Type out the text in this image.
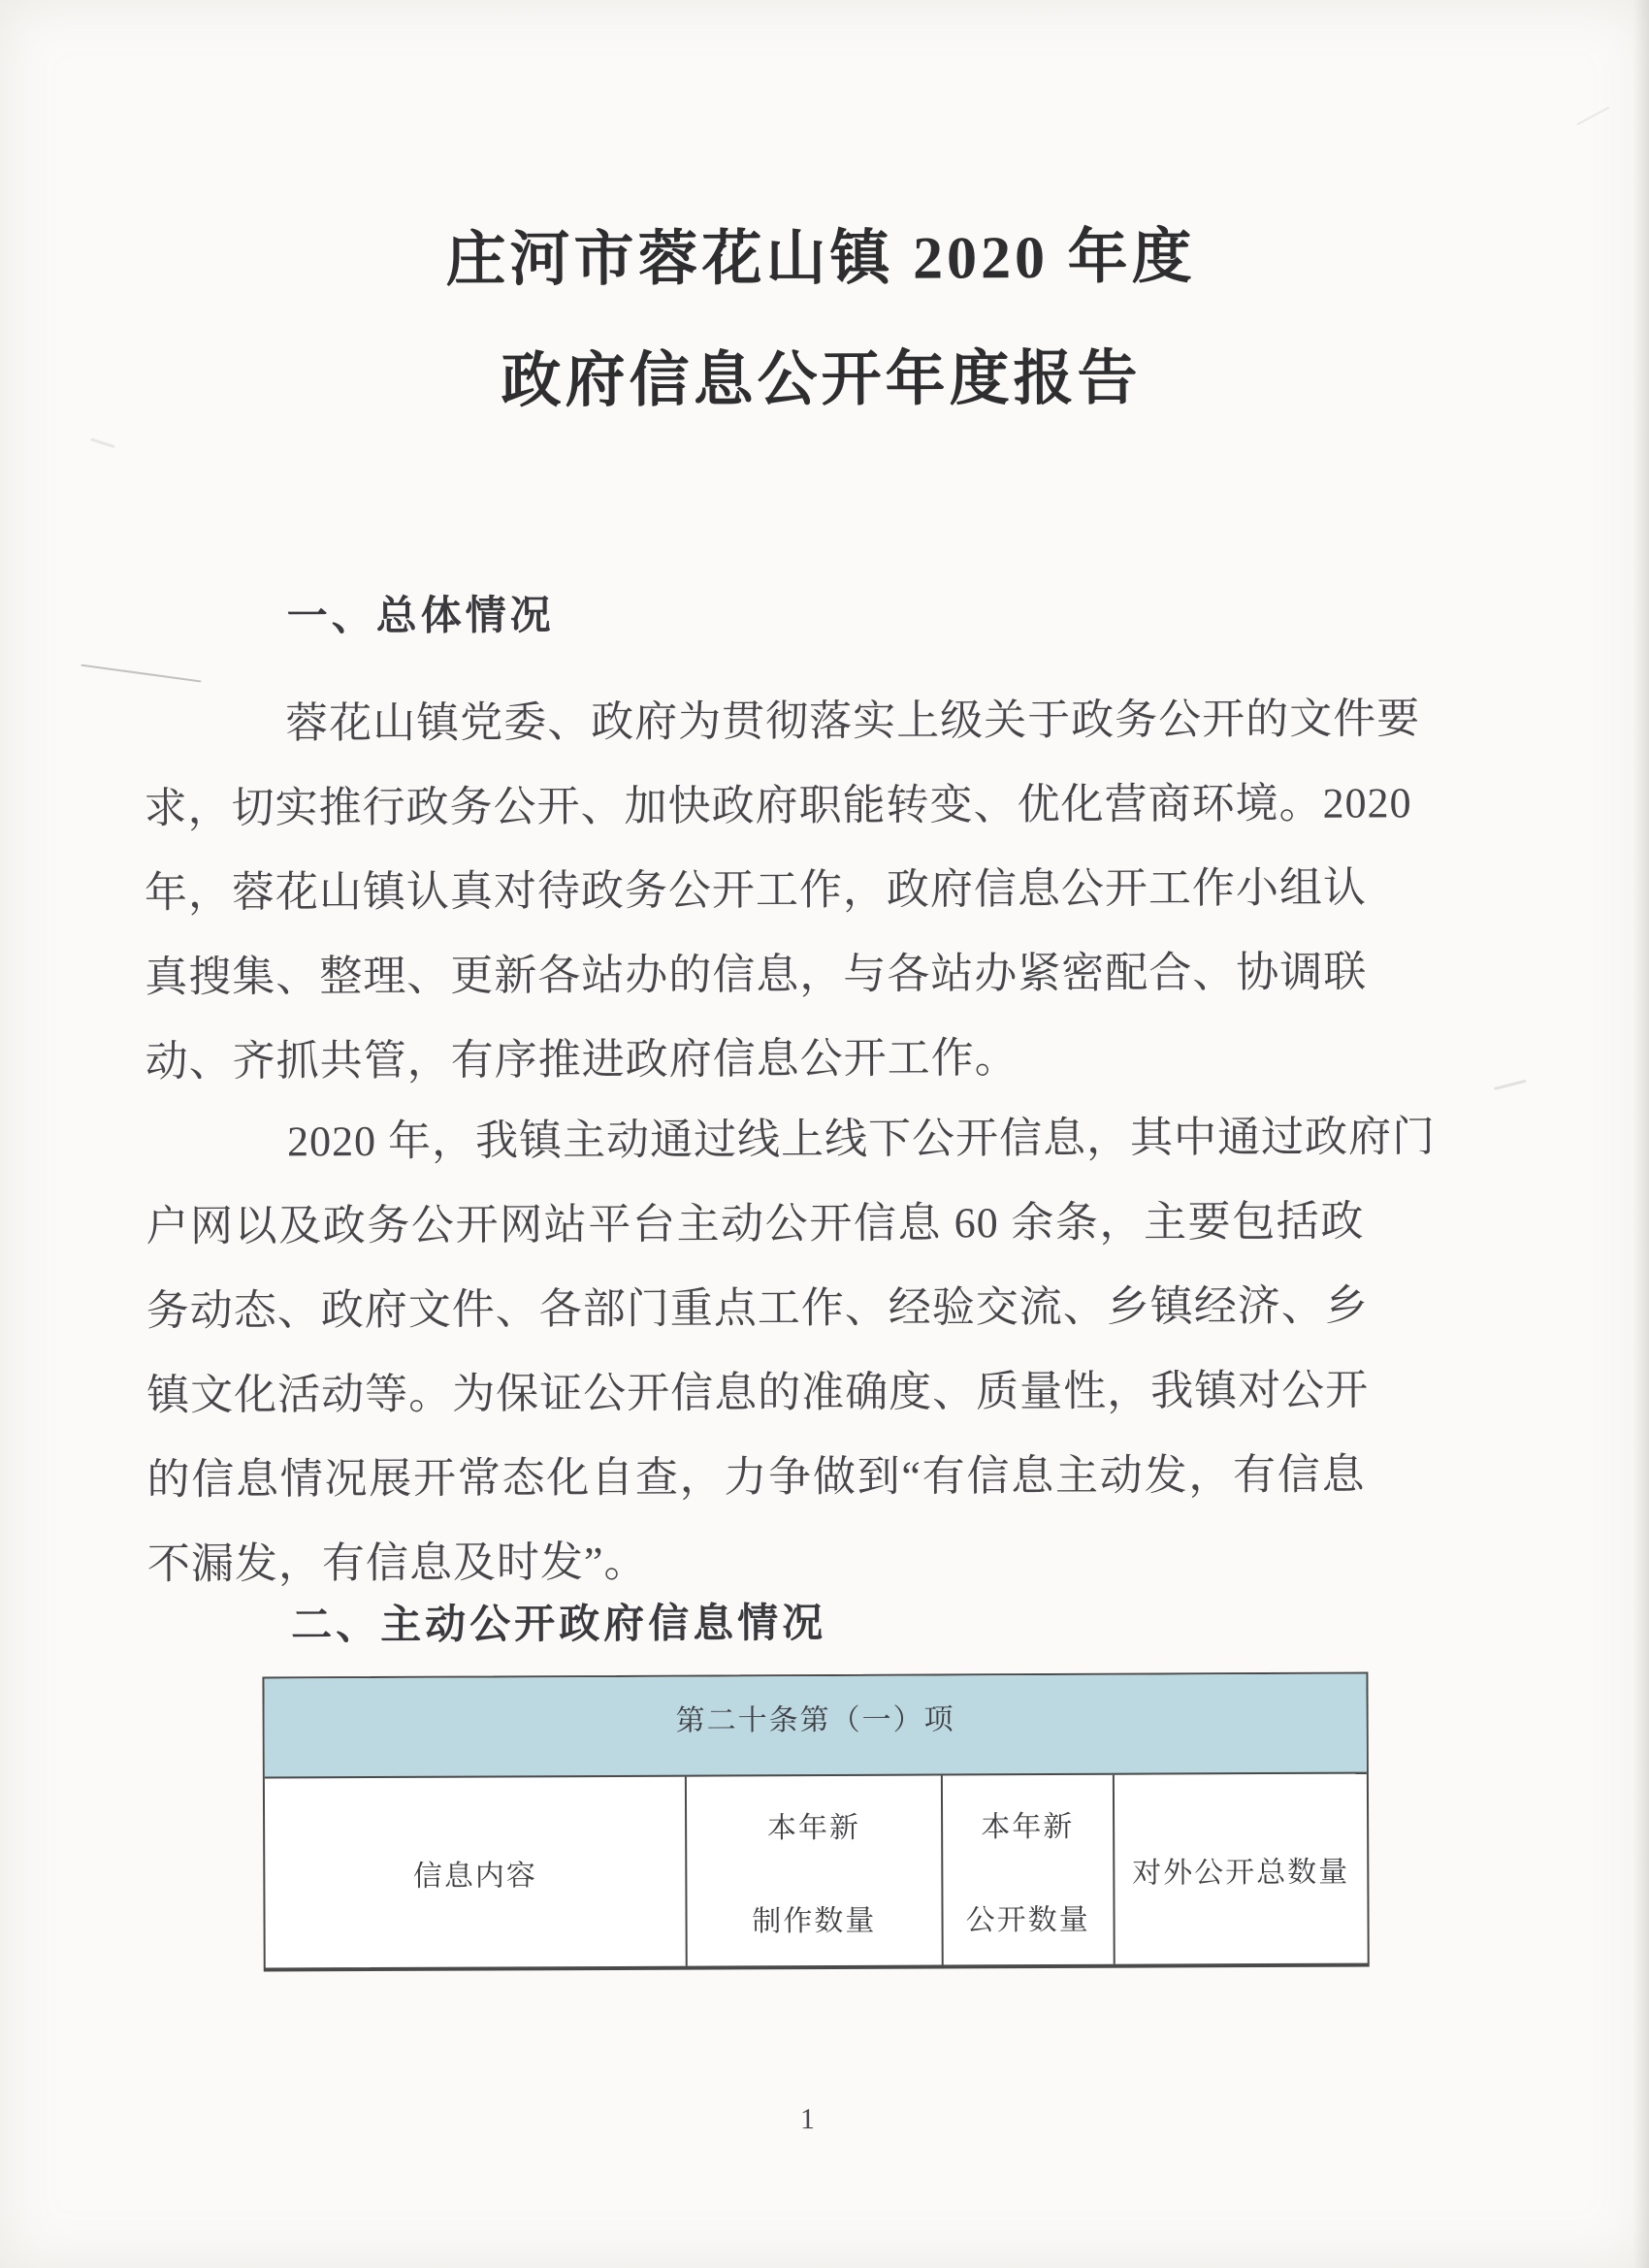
庄河市蓉花山镇 2020 年度
政府信息公开年度报告
一、总体情况
蓉花山镇党委、政府为贯彻落实上级关于政务公开的文件要
求，切实推行政务公开、加快政府职能转变、优化营商环境。2020
年，蓉花山镇认真对待政务公开工作，政府信息公开工作小组认
真搜集、整理、更新各站办的信息，与各站办紧密配合、协调联
动、齐抓共管，有序推进政府信息公开工作。
2020 年，我镇主动通过线上线下公开信息，其中通过政府门
户网以及政务公开网站平台主动公开信息 60 余条，主要包括政
务动态、政府文件、各部门重点工作、经验交流、乡镇经济、乡
镇文化活动等。为保证公开信息的准确度、质量性，我镇对公开
的信息情况展开常态化自查，力争做到“有信息主动发，有信息
不漏发，有信息及时发”。
二、主动公开政府信息情况
第二十条第（一）项
信息内容
本年新
制作数量
本年新
公开数量
对外公开总数量
1
